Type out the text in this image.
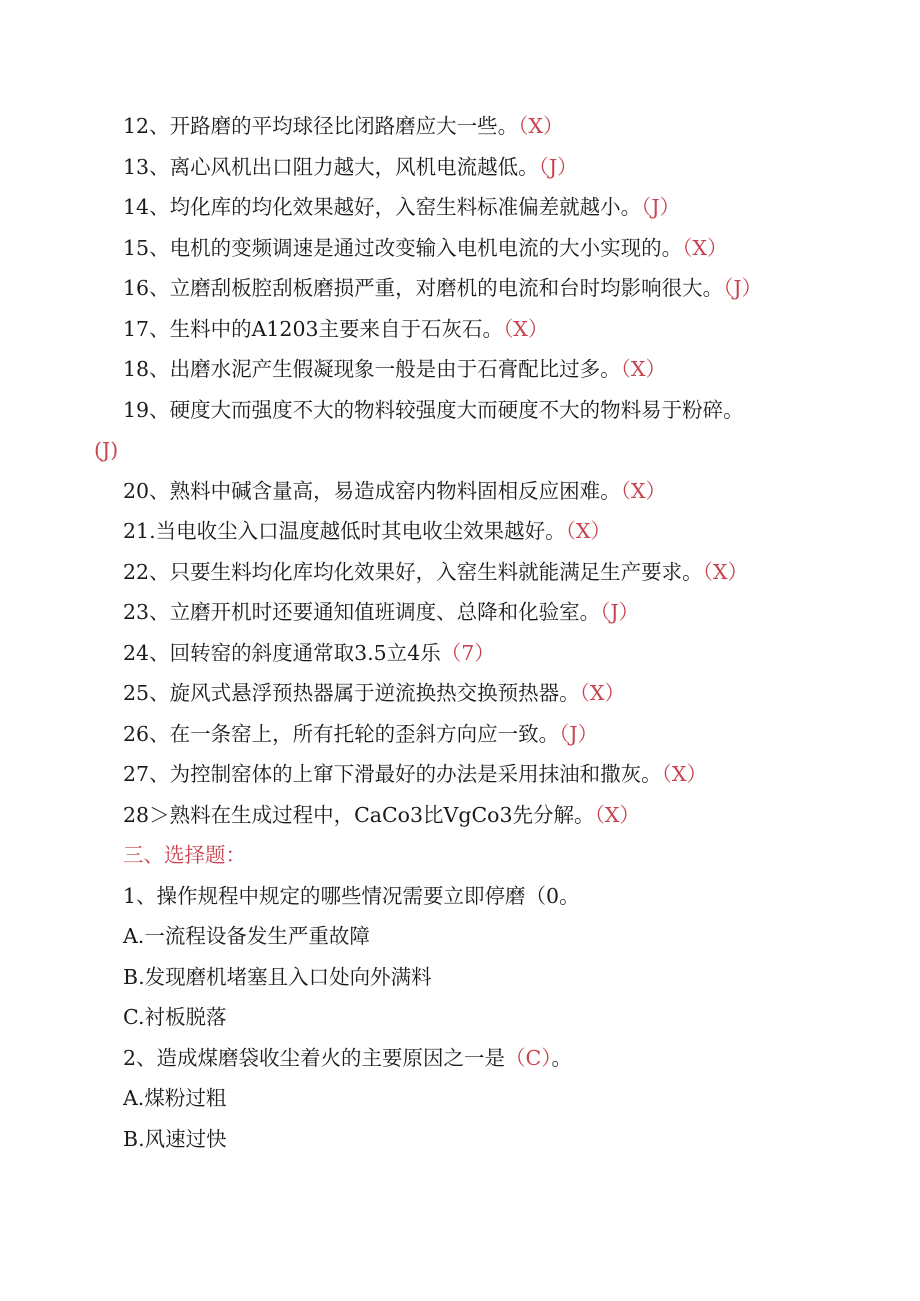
12、开路磨的平均球径比闭路磨应大一些。（X）
13、离心风机出口阻力越大，风机电流越低。（J）
14、均化库的均化效果越好，入窑生料标准偏差就越小。（J）
15、电机的变频调速是通过改变输入电机电流的大小实现的。（X）
16、立磨刮板腔刮板磨损严重，对磨机的电流和台时均影响很大。（J）
17、生料中的A1203主要来自于石灰石。（X）
18、出磨水泥产生假凝现象一般是由于石膏配比过多。（X）
19、硬度大而强度不大的物料较强度大而硬度不大的物料易于粉碎。
(J)
20、熟料中碱含量高，易造成窑内物料固相反应困难。（X）
21.当电收尘入口温度越低时其电收尘效果越好。（X）
22、只要生料均化库均化效果好，入窑生料就能满足生产要求。（X）
23、立磨开机时还要通知值班调度、总降和化验室。（J）
24、回转窑的斜度通常取3.5立4乐（7）
25、旋风式悬浮预热器属于逆流换热交换预热器。（X）
26、在一条窑上，所有托轮的歪斜方向应一致。（J）
27、为控制窑体的上窜下滑最好的办法是采用抹油和撒灰。（X）
28＞熟料在生成过程中，CaCo3比VgCo3先分解。（X）
三、选择题：
1、操作规程中规定的哪些情况需要立即停磨（0。
A.一流程设备发生严重故障
B.发现磨机堵塞且入口处向外满料
C.衬板脱落
2、造成煤磨袋收尘着火的主要原因之一是（C）。
A.煤粉过粗
B.风速过快
